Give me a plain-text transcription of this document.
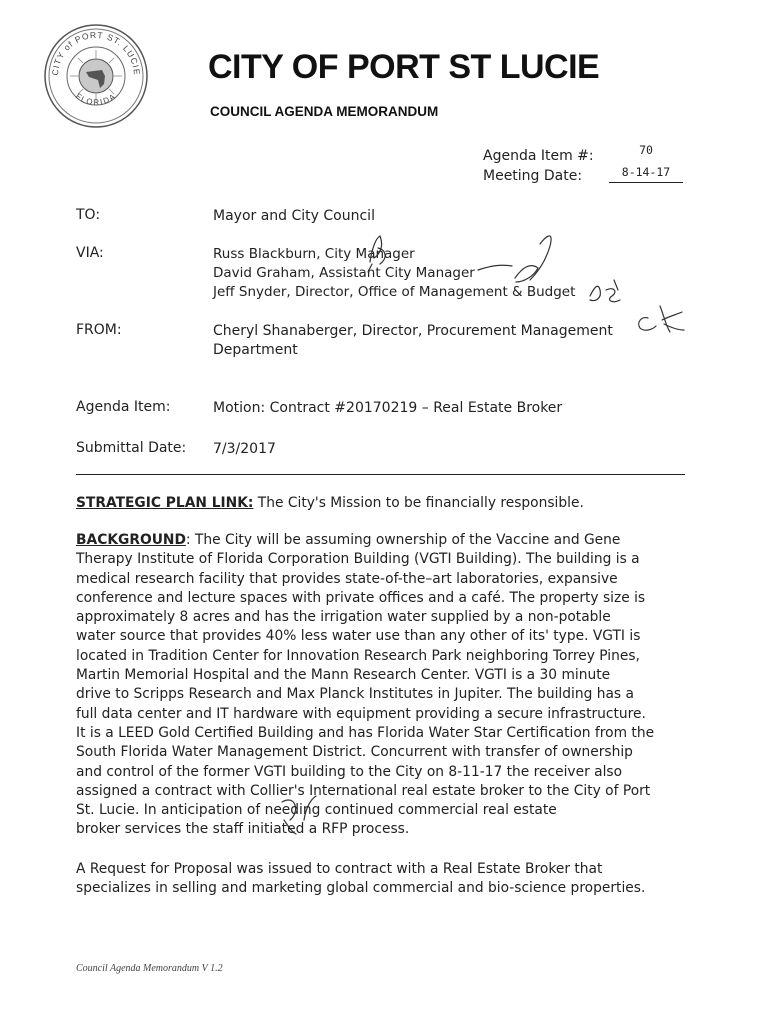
CITY of PORT ST. LUCIE
FLORIDA
CITY OF PORT ST LUCIE
COUNCIL AGENDA MEMORANDUM
Agenda Item #:	70
Meeting Date:	8-14-17
TO:	Mayor and City Council
VIA:	Russ Blackburn, City Manager
David Graham, Assistant City Manager
Jeff Snyder, Director, Office of Management & Budget
FROM:	Cheryl Shanaberger, Director, Procurement Management
Department
Agenda Item:	Motion: Contract #20170219 – Real Estate Broker
Submittal Date: 7/3/2017
STRATEGIC PLAN LINK: The City's Mission to be financially responsible.
BACKGROUND: The City will be assuming ownership of the Vaccine and Gene
Therapy Institute of Florida Corporation Building (VGTI Building). The building is a
medical research facility that provides state-of-the–art laboratories, expansive
conference and lecture spaces with private offices and a café. The property size is
approximately 8 acres and has the irrigation water supplied by a non-potable
water source that provides 40% less water use than any other of its' type. VGTI is
located in Tradition Center for Innovation Research Park neighboring Torrey Pines,
Martin Memorial Hospital and the Mann Research Center. VGTI is a 30 minute
drive to Scripps Research and Max Planck Institutes in Jupiter. The building has a
full data center and IT hardware with equipment providing a secure infrastructure.
It is a LEED Gold Certified Building and has Florida Water Star Certification from the
South Florida Water Management District. Concurrent with transfer of ownership
and control of the former VGTI building to the City on 8-11-17 the receiver also
assigned a contract with Collier's International real estate broker to the City of Port
St. Lucie. In anticipation of needing continued commercial real estate
broker services the staff initiated a RFP process.
A Request for Proposal was issued to contract with a Real Estate Broker that
specializes in selling and marketing global commercial and bio-science properties.
Council Agenda Memorandum V 1.2
